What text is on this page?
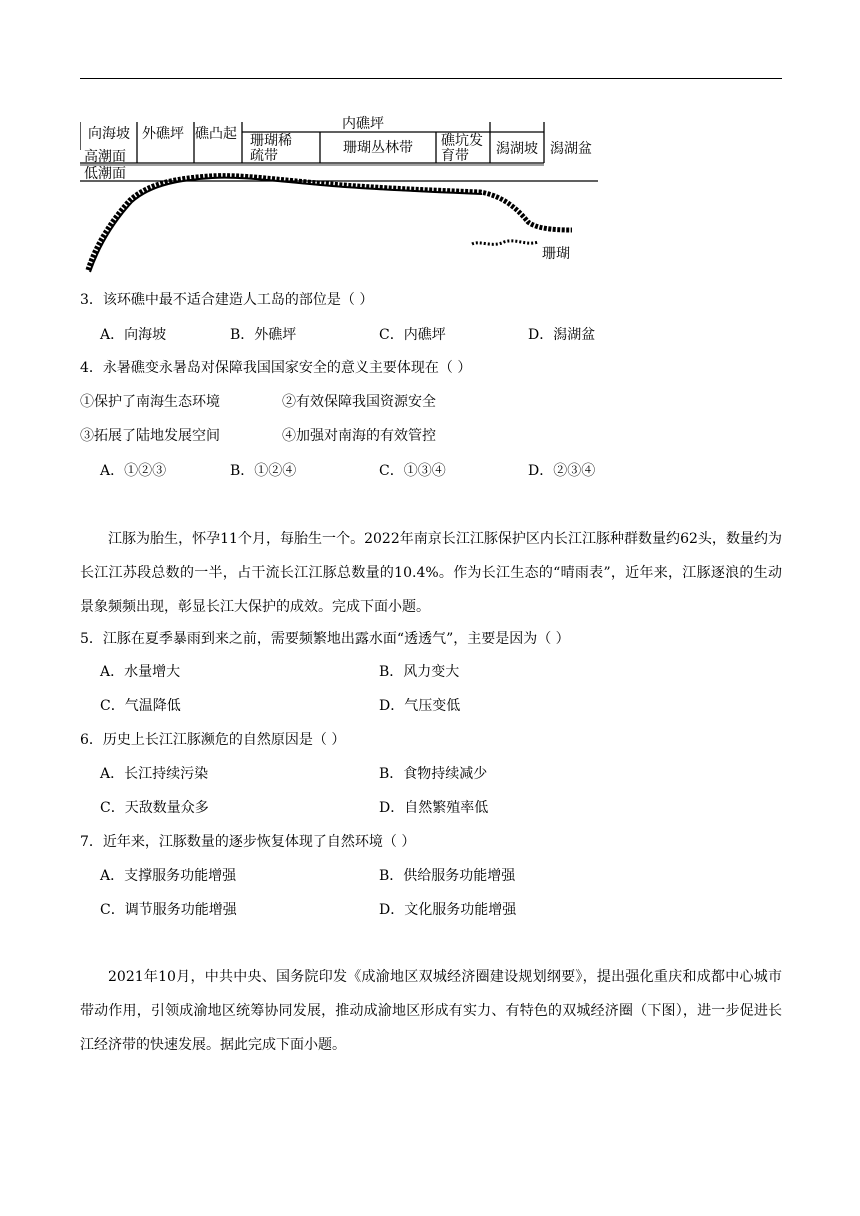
向海坡 外礁坪 礁凸起
内礁坪
珊瑚稀
疏带	珊瑚丛林带 礁坑发
育带 潟湖坡 潟湖盆
高潮面
低潮面
珊瑚
3．该环礁中最不适合建造人工岛的部位是（ ）
A．向海坡	B．外礁坪	C．内礁坪	D．潟湖盆
4．永暑礁变永暑岛对保障我国国家安全的意义主要体现在（ ）
①保护了南海生态环境	②有效保障我国资源安全
③拓展了陆地发展空间	④加强对南海的有效管控
A．①②③	B．①②④	C．①③④	D．②③④
江豚为胎生，怀孕11个月，每胎生一个。2022年南京长江江豚保护区内长江江豚种群数量约62头，数量约为长江江苏段总数的一半，占干流长江江豚总数量的10.4%。作为长江生态的“晴雨表”，近年来，江豚逐浪的生动景象频频出现，彰显长江大保护的成效。完成下面小题。
5．江豚在夏季暴雨到来之前，需要频繁地出露水面“透透气”，主要是因为（ ）
A．水量增大	B．风力变大
C．气温降低	D．气压变低
6．历史上长江江豚濒危的自然原因是（ ）
A．长江持续污染	B．食物持续减少
C．天敌数量众多	D．自然繁殖率低
7．近年来，江豚数量的逐步恢复体现了自然环境（ ）
A．支撑服务功能增强	B．供给服务功能增强
C．调节服务功能增强	D．文化服务功能增强
2021年10月，中共中央、国务院印发《成渝地区双城经济圈建设规划纲要》，提出强化重庆和成都中心城市带动作用，引领成渝地区统筹协同发展，推动成渝地区形成有实力、有特色的双城经济圈（下图），进一步促进长江经济带的快速发展。据此完成下面小题。
